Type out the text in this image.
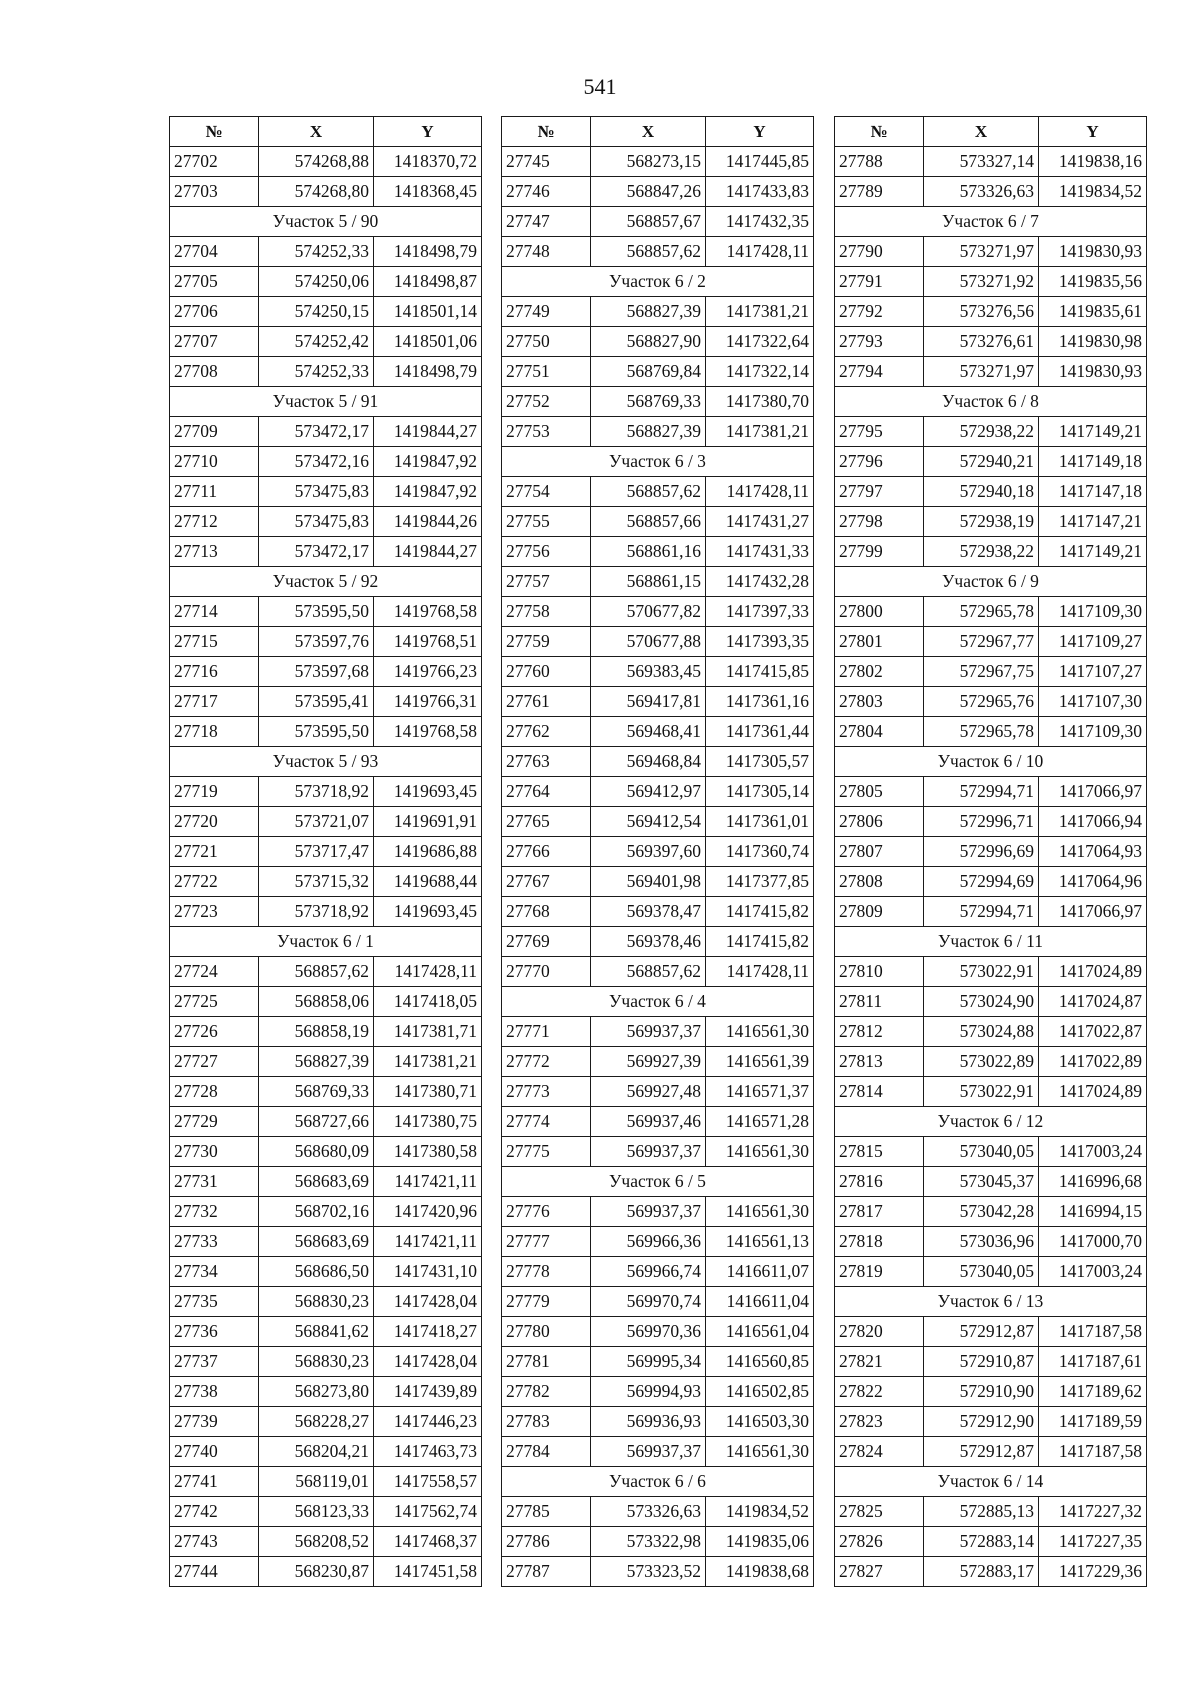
541
№	X	Y
27702	574268,88	1418370,72
27703	574268,80	1418368,45
Участок 5 / 90		
27704	574252,33	1418498,79
27705	574250,06	1418498,87
27706	574250,15	1418501,14
27707	574252,42	1418501,06
27708	574252,33	1418498,79
Участок 5 / 91		
27709	573472,17	1419844,27
27710	573472,16	1419847,92
27711	573475,83	1419847,92
27712	573475,83	1419844,26
27713	573472,17	1419844,27
Участок 5 / 92		
27714	573595,50	1419768,58
27715	573597,76	1419768,51
27716	573597,68	1419766,23
27717	573595,41	1419766,31
27718	573595,50	1419768,58
Участок 5 / 93		
27719	573718,92	1419693,45
27720	573721,07	1419691,91
27721	573717,47	1419686,88
27722	573715,32	1419688,44
27723	573718,92	1419693,45
Участок 6 / 1		
27724	568857,62	1417428,11
27725	568858,06	1417418,05
27726	568858,19	1417381,71
27727	568827,39	1417381,21
27728	568769,33	1417380,71
27729	568727,66	1417380,75
27730	568680,09	1417380,58
27731	568683,69	1417421,11
27732	568702,16	1417420,96
27733	568683,69	1417421,11
27734	568686,50	1417431,10
27735	568830,23	1417428,04
27736	568841,62	1417418,27
27737	568830,23	1417428,04
27738	568273,80	1417439,89
27739	568228,27	1417446,23
27740	568204,21	1417463,73
27741	568119,01	1417558,57
27742	568123,33	1417562,74
27743	568208,52	1417468,37
27744	568230,87	1417451,58
№	X	Y
27745	568273,15	1417445,85
27746	568847,26	1417433,83
27747	568857,67	1417432,35
27748	568857,62	1417428,11
Участок 6 / 2		
27749	568827,39	1417381,21
27750	568827,90	1417322,64
27751	568769,84	1417322,14
27752	568769,33	1417380,70
27753	568827,39	1417381,21
Участок 6 / 3		
27754	568857,62	1417428,11
27755	568857,66	1417431,27
27756	568861,16	1417431,33
27757	568861,15	1417432,28
27758	570677,82	1417397,33
27759	570677,88	1417393,35
27760	569383,45	1417415,85
27761	569417,81	1417361,16
27762	569468,41	1417361,44
27763	569468,84	1417305,57
27764	569412,97	1417305,14
27765	569412,54	1417361,01
27766	569397,60	1417360,74
27767	569401,98	1417377,85
27768	569378,47	1417415,82
27769	569378,46	1417415,82
27770	568857,62	1417428,11
Участок 6 / 4		
27771	569937,37	1416561,30
27772	569927,39	1416561,39
27773	569927,48	1416571,37
27774	569937,46	1416571,28
27775	569937,37	1416561,30
Участок 6 / 5		
27776	569937,37	1416561,30
27777	569966,36	1416561,13
27778	569966,74	1416611,07
27779	569970,74	1416611,04
27780	569970,36	1416561,04
27781	569995,34	1416560,85
27782	569994,93	1416502,85
27783	569936,93	1416503,30
27784	569937,37	1416561,30
Участок 6 / 6		
27785	573326,63	1419834,52
27786	573322,98	1419835,06
27787	573323,52	1419838,68
№	X	Y
27788	573327,14	1419838,16
27789	573326,63	1419834,52
Участок 6 / 7		
27790	573271,97	1419830,93
27791	573271,92	1419835,56
27792	573276,56	1419835,61
27793	573276,61	1419830,98
27794	573271,97	1419830,93
Участок 6 / 8		
27795	572938,22	1417149,21
27796	572940,21	1417149,18
27797	572940,18	1417147,18
27798	572938,19	1417147,21
27799	572938,22	1417149,21
Участок 6 / 9		
27800	572965,78	1417109,30
27801	572967,77	1417109,27
27802	572967,75	1417107,27
27803	572965,76	1417107,30
27804	572965,78	1417109,30
Участок 6 / 10		
27805	572994,71	1417066,97
27806	572996,71	1417066,94
27807	572996,69	1417064,93
27808	572994,69	1417064,96
27809	572994,71	1417066,97
Участок 6 / 11		
27810	573022,91	1417024,89
27811	573024,90	1417024,87
27812	573024,88	1417022,87
27813	573022,89	1417022,89
27814	573022,91	1417024,89
Участок 6 / 12		
27815	573040,05	1417003,24
27816	573045,37	1416996,68
27817	573042,28	1416994,15
27818	573036,96	1417000,70
27819	573040,05	1417003,24
Участок 6 / 13		
27820	572912,87	1417187,58
27821	572910,87	1417187,61
27822	572910,90	1417189,62
27823	572912,90	1417189,59
27824	572912,87	1417187,58
Участок 6 / 14		
27825	572885,13	1417227,32
27826	572883,14	1417227,35
27827	572883,17	1417229,36
